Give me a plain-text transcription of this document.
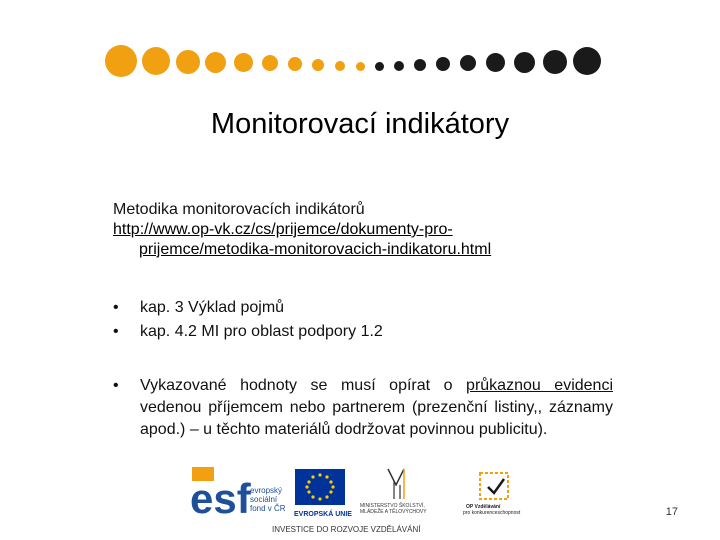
Monitorovací indikátory
Metodika monitorovacích indikátorů
http://www.op-vk.cz/cs/prijemce/dokumenty-pro-
prijemce/metodika-monitorovacich-indikatoru.html
• kap. 3 Výklad pojmů
• kap. 4.2 MI pro oblast podpory 1.2
• Vykazované hodnoty se musí opírat o průkaznou evidenci vedenou příjemcem nebo partnerem (prezenční listiny,, záznamy apod.) – u těchto materiálů dodržovat povinnou publicitu).
esf evropský
sociální
fond v ČR
EVROPSKÁ UNIE
MINISTERSTVO ŠKOLSTVÍ,
MLÁDEŽE A TĚLOVÝCHOVY
OP Vzdělávání
pro konkurenceschopnost
INVESTICE DO ROZVOJE VZDĚLÁVÁNÍ
17
